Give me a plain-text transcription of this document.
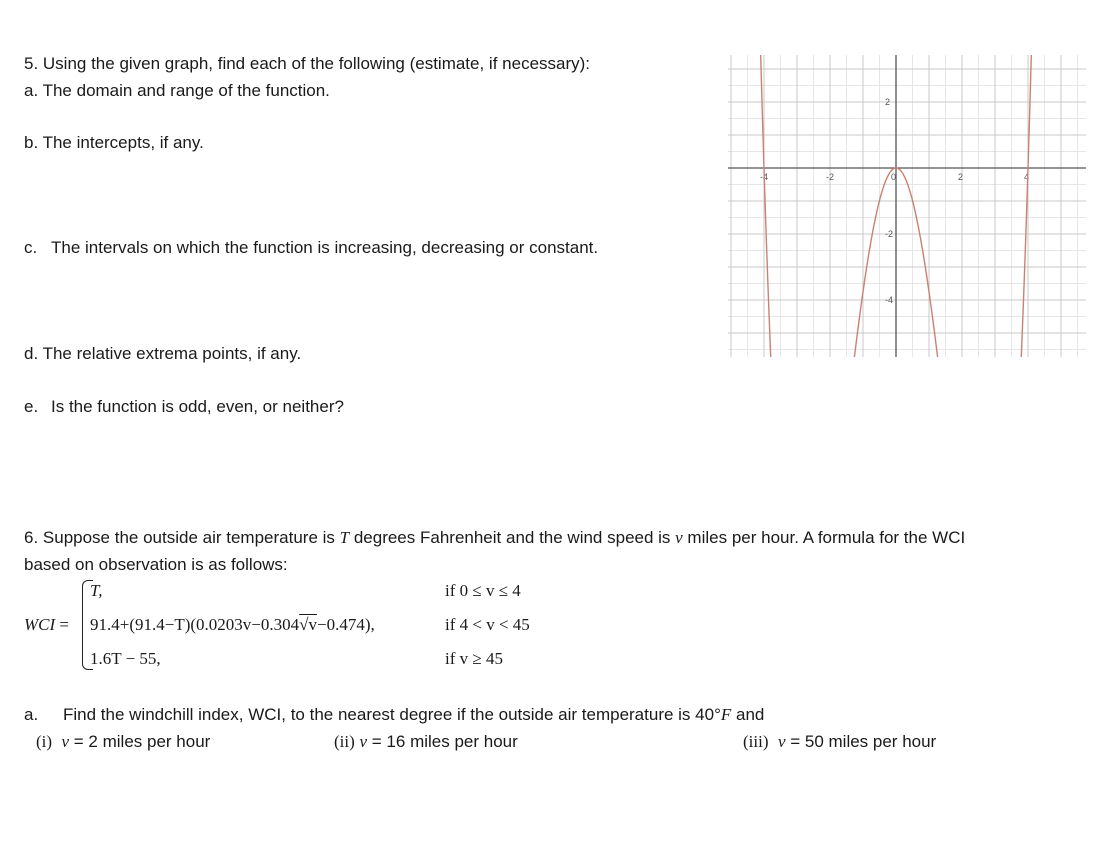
5. Using the given graph, find each of the following (estimate, if necessary):
a. The domain and range of the function.
b. The intercepts, if any.
c. The intervals on which the function is increasing, decreasing or constant.
d. The relative extrema points, if any.
e. Is the function is odd, even, or neither?
-4	-2	0	2	4
2
-2
-4
6. Suppose the outside air temperature is T degrees Fahrenheit and the wind speed is v miles per hour. A formula for the WCI
based on observation is as follows:
WCI =
T,	if 0 ≤ v ≤ 4
91.4+(91.4−T)(0.0203v−0.304√v−0.474),	if 4 < v < 45
1.6T − 55,	if v ≥ 45
a. Find the windchill index, WCI, to the nearest degree if the outside air temperature is 40°F and
(i) v = 2 miles per hour	(ii) v = 16 miles per hour	(iii) v = 50 miles per hour
